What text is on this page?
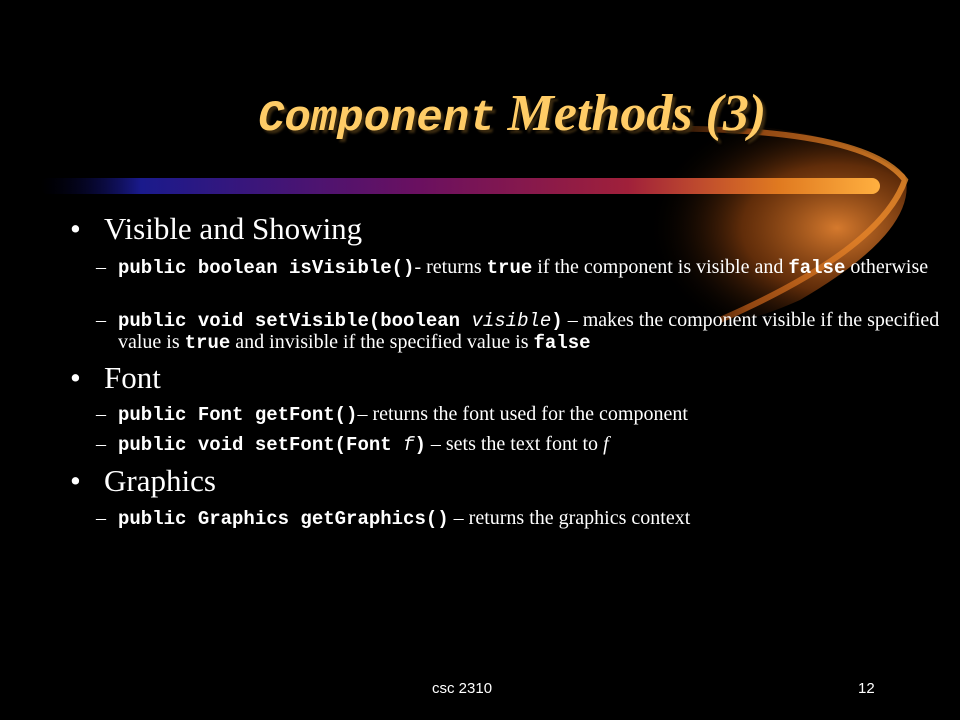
Component Methods (3)
• Visible and Showing
– public boolean isVisible()- returns true if the component is visible and false otherwise
– public void setVisible(boolean visible) – makes the component visible if the specified value is true and invisible if the specified value is false
• Font
– public Font getFont()– returns the font used for the component
– public void setFont(Font f) – sets the text font to f
• Graphics
– public Graphics getGraphics() – returns the graphics context
csc 2310	12
